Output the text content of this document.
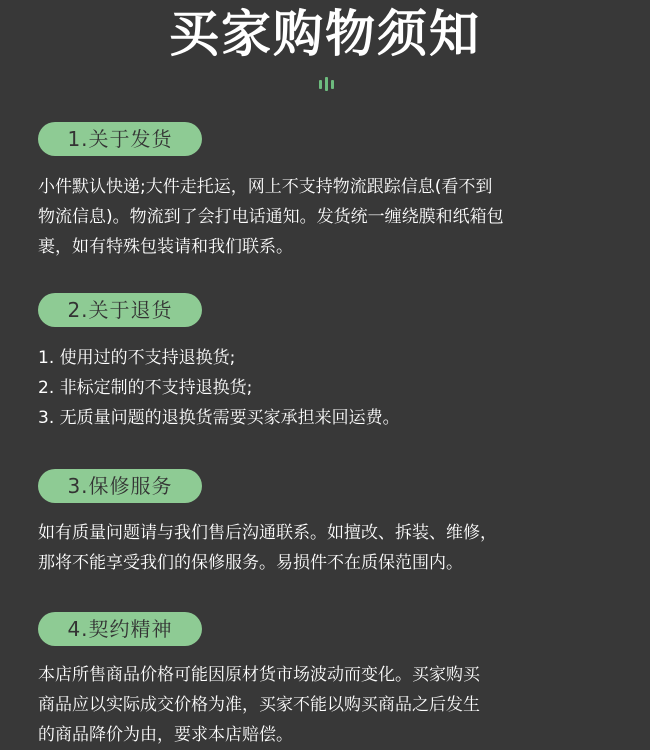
买家购物须知
1.关于发货

小件默认快递;大件走托运，网上不支持物流跟踪信息(看不到
物流信息)。物流到了会打电话通知。发货统一缠绕膜和纸箱包
裹，如有特殊包装请和我们联系。

2.关于退货

1. 使用过的不支持退换货;
2. 非标定制的不支持退换货;
3. 无质量问题的退换货需要买家承担来回运费。

3.保修服务

如有质量问题请与我们售后沟通联系。如擅改、拆装、维修，
那将不能享受我们的保修服务。易损件不在质保范围内。

4.契约精神

本店所售商品价格可能因原材货市场波动而变化。买家购买
商品应以实际成交价格为准，买家不能以购买商品之后发生
的商品降价为由，要求本店赔偿。
